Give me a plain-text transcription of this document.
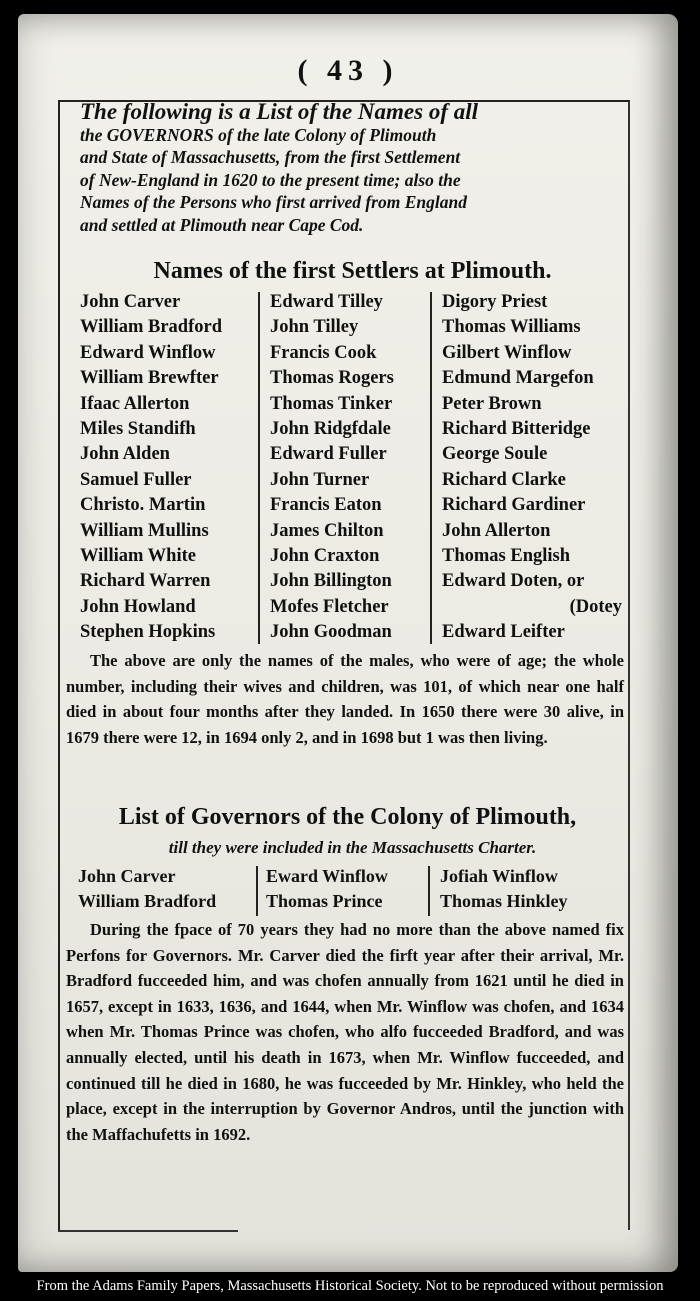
( 43 )
The following is a List of the Names of all
the GOVERNORS of the late Colony of Plimouth
and State of Massachusetts, from the first Settlement
of New-England in 1620 to the present time; also the
Names of the Persons who first arrived from England
and settled at Plimouth near Cape Cod.
Names of the first Settlers at Plimouth.
John Carver
William Bradford
Edward Winflow
William Brewfter
Ifaac Allerton
Miles Standifh
John Alden
Samuel Fuller
Christo. Martin
William Mullins
William White
Richard Warren
John Howland
Stephen Hopkins
Edward Tilley
John Tilley
Francis Cook
Thomas Rogers
Thomas Tinker
John Ridgfdale
Edward Fuller
John Turner
Francis Eaton
James Chilton
John Craxton
John Billington
Mofes Fletcher
John Goodman
Digory Priest
Thomas Williams
Gilbert Winflow
Edmund Margefon
Peter Brown
Richard Bitteridge
George Soule
Richard Clarke
Richard Gardiner
John Allerton
Thomas English
Edward Doten, or
(Dotey
Edward Leifter

The above are only the names of the males, who were of age; the whole number, including their wives and children, was 101, of which near one half died in about four months after they landed. In 1650 there were 30 alive, in 1679 there were 12, in 1694 only 2, and in 1698 but 1 was then living.

List of Governors of the Colony of Plimouth,
till they were included in the Massachusetts Charter.
John Carver
William Bradford
Eward Winflow
Thomas Prince
Jofiah Winflow
Thomas Hinkley

During the fpace of 70 years they had no more than the above named fix Perfons for Governors. Mr. Carver died the firft year after their arrival, Mr. Bradford fucceeded him, and was chofen annually from 1621 until he died in 1657, except in 1633, 1636, and 1644, when Mr. Winflow was chofen, and 1634 when Mr. Thomas Prince was chofen, who alfo fucceeded Bradford, and was annually elected, until his death in 1673, when Mr. Winflow fucceeded, and continued till he died in 1680, he was fucceeded by Mr. Hinkley, who held the place, except in the interruption by Governor Andros, until the junction with the Maffachufetts in 1692.

From the Adams Family Papers, Massachusetts Historical Society. Not to be reproduced without permission
